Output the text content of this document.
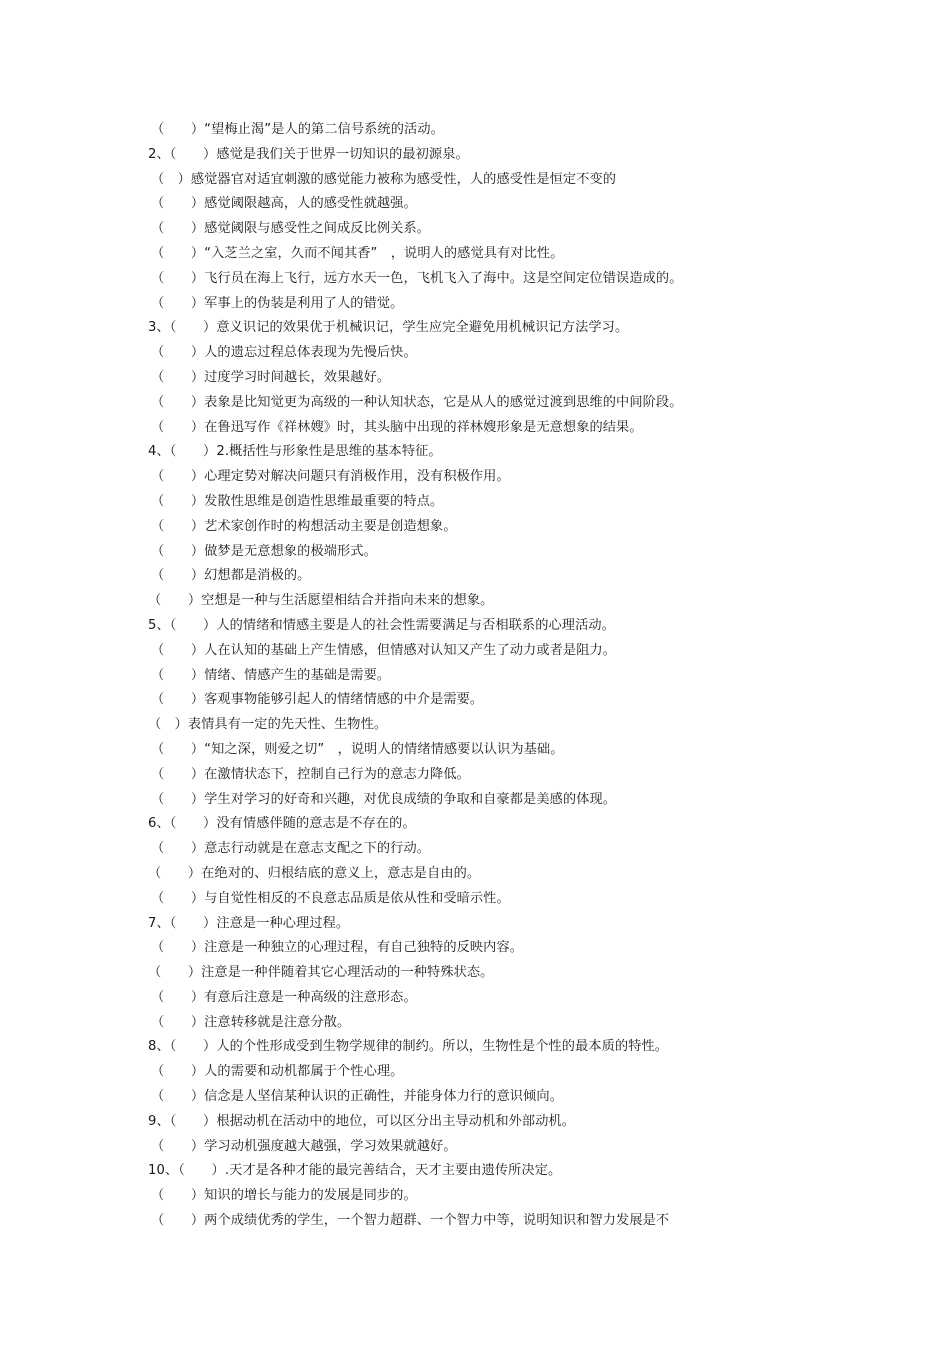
（　　）“望梅止渴”是人的第二信号系统的活动。
2、（　　）感觉是我们关于世界一切知识的最初源泉。
（　）感觉器官对适宜刺激的感觉能力被称为感受性，人的感受性是恒定不变的
（　　）感觉阈限越高，人的感受性就越强。
（　　）感觉阈限与感受性之间成反比例关系。
（　　）“入芝兰之室，久而不闻其香”　，说明人的感觉具有对比性。
（　　）飞行员在海上飞行，远方水天一色，飞机飞入了海中。这是空间定位错误造成的。
（　　）军事上的伪装是利用了人的错觉。
3、（　　）意义识记的效果优于机械识记，学生应完全避免用机械识记方法学习。
（　　）人的遗忘过程总体表现为先慢后快。
（　　）过度学习时间越长，效果越好。
（　　）表象是比知觉更为高级的一种认知状态，它是从人的感觉过渡到思维的中间阶段。
（　　）在鲁迅写作《祥林嫂》时，其头脑中出现的祥林嫂形象是无意想象的结果。
4、（　　）2.概括性与形象性是思维的基本特征。
（　　）心理定势对解决问题只有消极作用，没有积极作用。
（　　）发散性思维是创造性思维最重要的特点。
（　　）艺术家创作时的构想活动主要是创造想象。
（　　）做梦是无意想象的极端形式。
（　　）幻想都是消极的。
（　　）空想是一种与生活愿望相结合并指向未来的想象。
5、（　　）人的情绪和情感主要是人的社会性需要满足与否相联系的心理活动。
（　　）人在认知的基础上产生情感，但情感对认知又产生了动力或者是阻力。
（　　）情绪、情感产生的基础是需要。
（　　）客观事物能够引起人的情绪情感的中介是需要。
（　）表情具有一定的先天性、生物性。
（　　）“知之深，则爱之切”　，说明人的情绪情感要以认识为基础。
（　　）在激情状态下，控制自己行为的意志力降低。
（　　）学生对学习的好奇和兴趣，对优良成绩的争取和自豪都是美感的体现。
6、（　　）没有情感伴随的意志是不存在的。
（　　）意志行动就是在意志支配之下的行动。
（　　）在绝对的、归根结底的意义上，意志是自由的。
（　　）与自觉性相反的不良意志品质是依从性和受暗示性。
7、（　　）注意是一种心理过程。
（　　）注意是一种独立的心理过程，有自己独特的反映内容。
（　　）注意是一种伴随着其它心理活动的一种特殊状态。
（　　）有意后注意是一种高级的注意形态。
（　　）注意转移就是注意分散。
8、（　　）人的个性形成受到生物学规律的制约。所以，生物性是个性的最本质的特性。
（　　）人的需要和动机都属于个性心理。
（　　）信念是人坚信某种认识的正确性，并能身体力行的意识倾向。
9、（　　）根据动机在活动中的地位，可以区分出主导动机和外部动机。
（　　）学习动机强度越大越强，学习效果就越好。
10、（　　）.天才是各种才能的最完善结合，天才主要由遗传所决定。
（　　）知识的增长与能力的发展是同步的。
（　　）两个成绩优秀的学生，一个智力超群、一个智力中等，说明知识和智力发展是不
